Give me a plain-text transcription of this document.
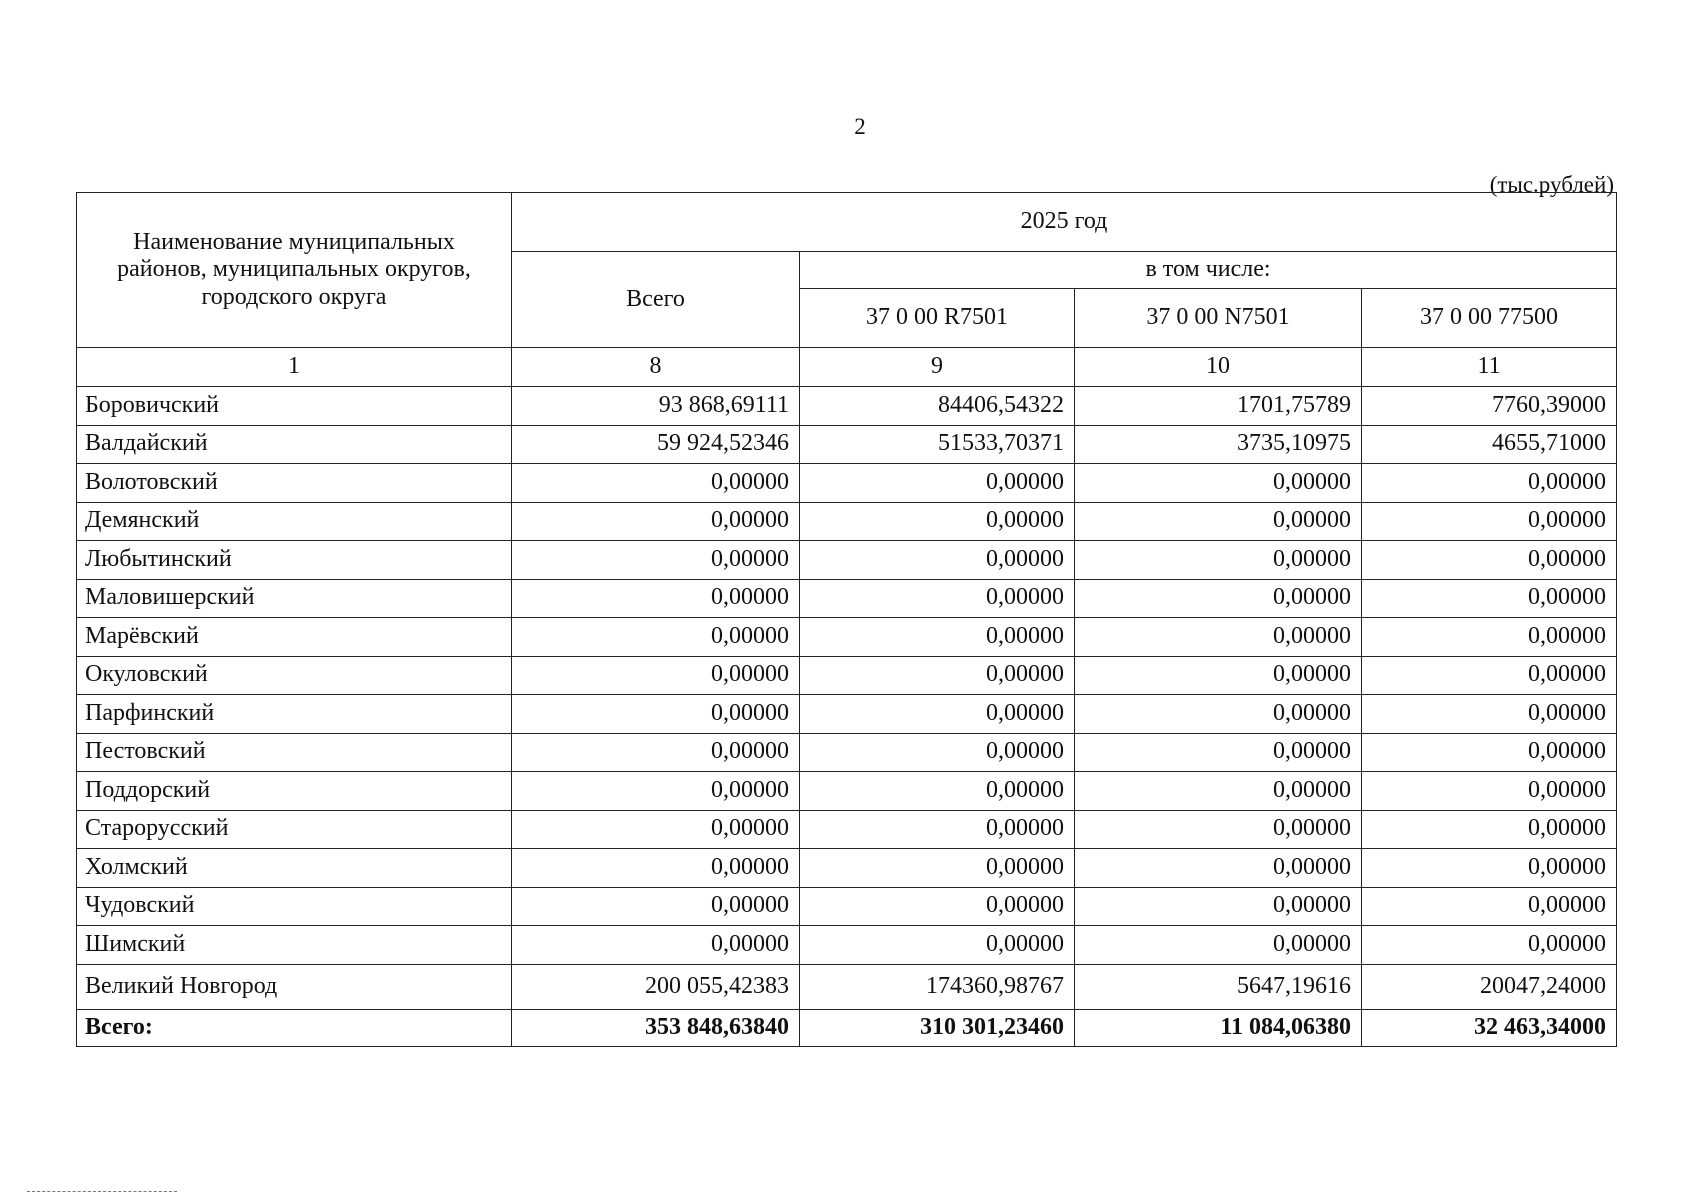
2
(тыс.рублей)
Наименование муниципальных районов, муниципальных округов, городского округа	2025 год			
	Всего	в том числе:		
		37 0 00 R7501	37 0 00 N7501	37 0 00 77500
1	8	9	10	11
Боровичский	93 868,69111	84406,54322	1701,75789	7760,39000
Валдайский	59 924,52346	51533,70371	3735,10975	4655,71000
Волотовский	0,00000	0,00000	0,00000	0,00000
Демянский	0,00000	0,00000	0,00000	0,00000
Любытинский	0,00000	0,00000	0,00000	0,00000
Маловишерский	0,00000	0,00000	0,00000	0,00000
Марёвский	0,00000	0,00000	0,00000	0,00000
Окуловский	0,00000	0,00000	0,00000	0,00000
Парфинский	0,00000	0,00000	0,00000	0,00000
Пестовский	0,00000	0,00000	0,00000	0,00000
Поддорский	0,00000	0,00000	0,00000	0,00000
Старорусский	0,00000	0,00000	0,00000	0,00000
Холмский	0,00000	0,00000	0,00000	0,00000
Чудовский	0,00000	0,00000	0,00000	0,00000
Шимский	0,00000	0,00000	0,00000	0,00000
Великий Новгород	200 055,42383	174360,98767	5647,19616	20047,24000
Всего:	353 848,63840	310 301,23460	11 084,06380	32 463,34000
